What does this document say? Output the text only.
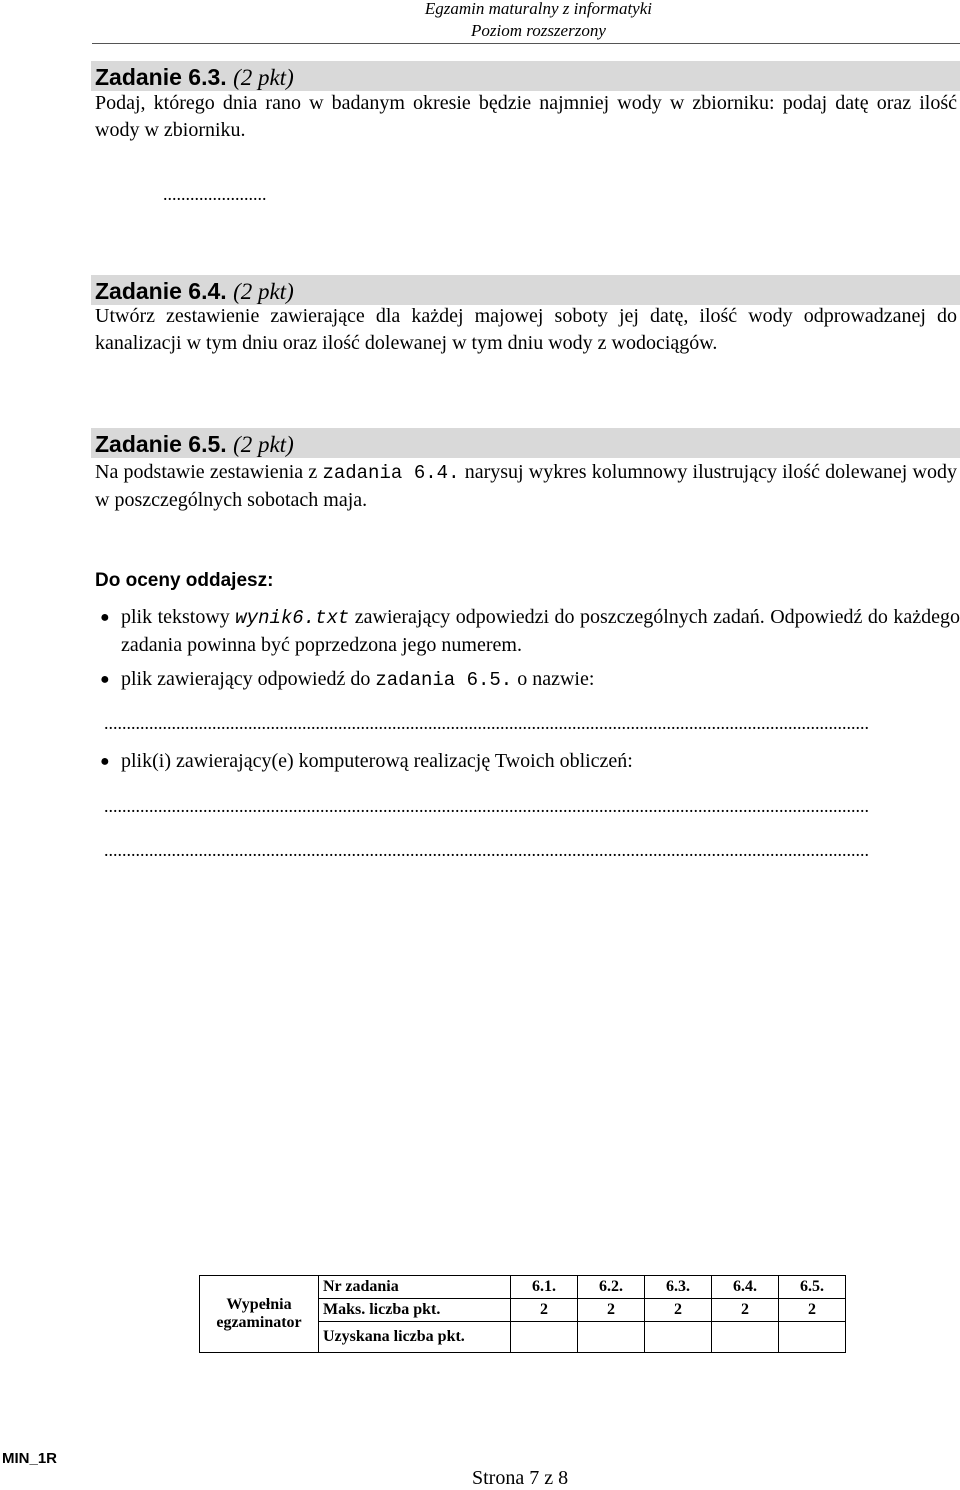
Egzamin maturalny z informatyki
Poziom rozszerzony
Zadanie 6.3. (2 pkt)
Podaj, którego dnia rano w badanym okresie będzie najmniej wody w zbiorniku: podaj datę oraz ilość wody w zbiorniku.
.......................
Zadanie 6.4. (2 pkt)
Utwórz zestawienie zawierające dla każdej majowej soboty jej datę, ilość wody odprowadzanej do kanalizacji w tym dniu oraz ilość dolewanej w tym dniu wody z wodociągów.
Zadanie 6.5. (2 pkt)
Na podstawie zestawienia z zadania 6.4. narysuj wykres kolumnowy ilustrujący ilość dolewanej wody w poszczególnych sobotach maja.
Do oceny oddajesz:
● plik tekstowy wynik6.txt zawierający odpowiedzi do poszczególnych zadań. Odpowiedź do każdego zadania powinna być poprzedzona jego numerem.
● plik zawierający odpowiedź do zadania 6.5. o nazwie:
..........................................................................................................................................................................
● plik(i) zawierający(e) komputerową realizację Twoich obliczeń:
..........................................................................................................................................................................
..........................................................................................................................................................................
Wypełnia
egzaminator	Nr zadania	6.1.	6.2.	6.3.	6.4.	6.5.
	Maks. liczba pkt.	2	2	2	2	2
	Uzyskana liczba pkt.					
MIN_1R
Strona 7 z 8
